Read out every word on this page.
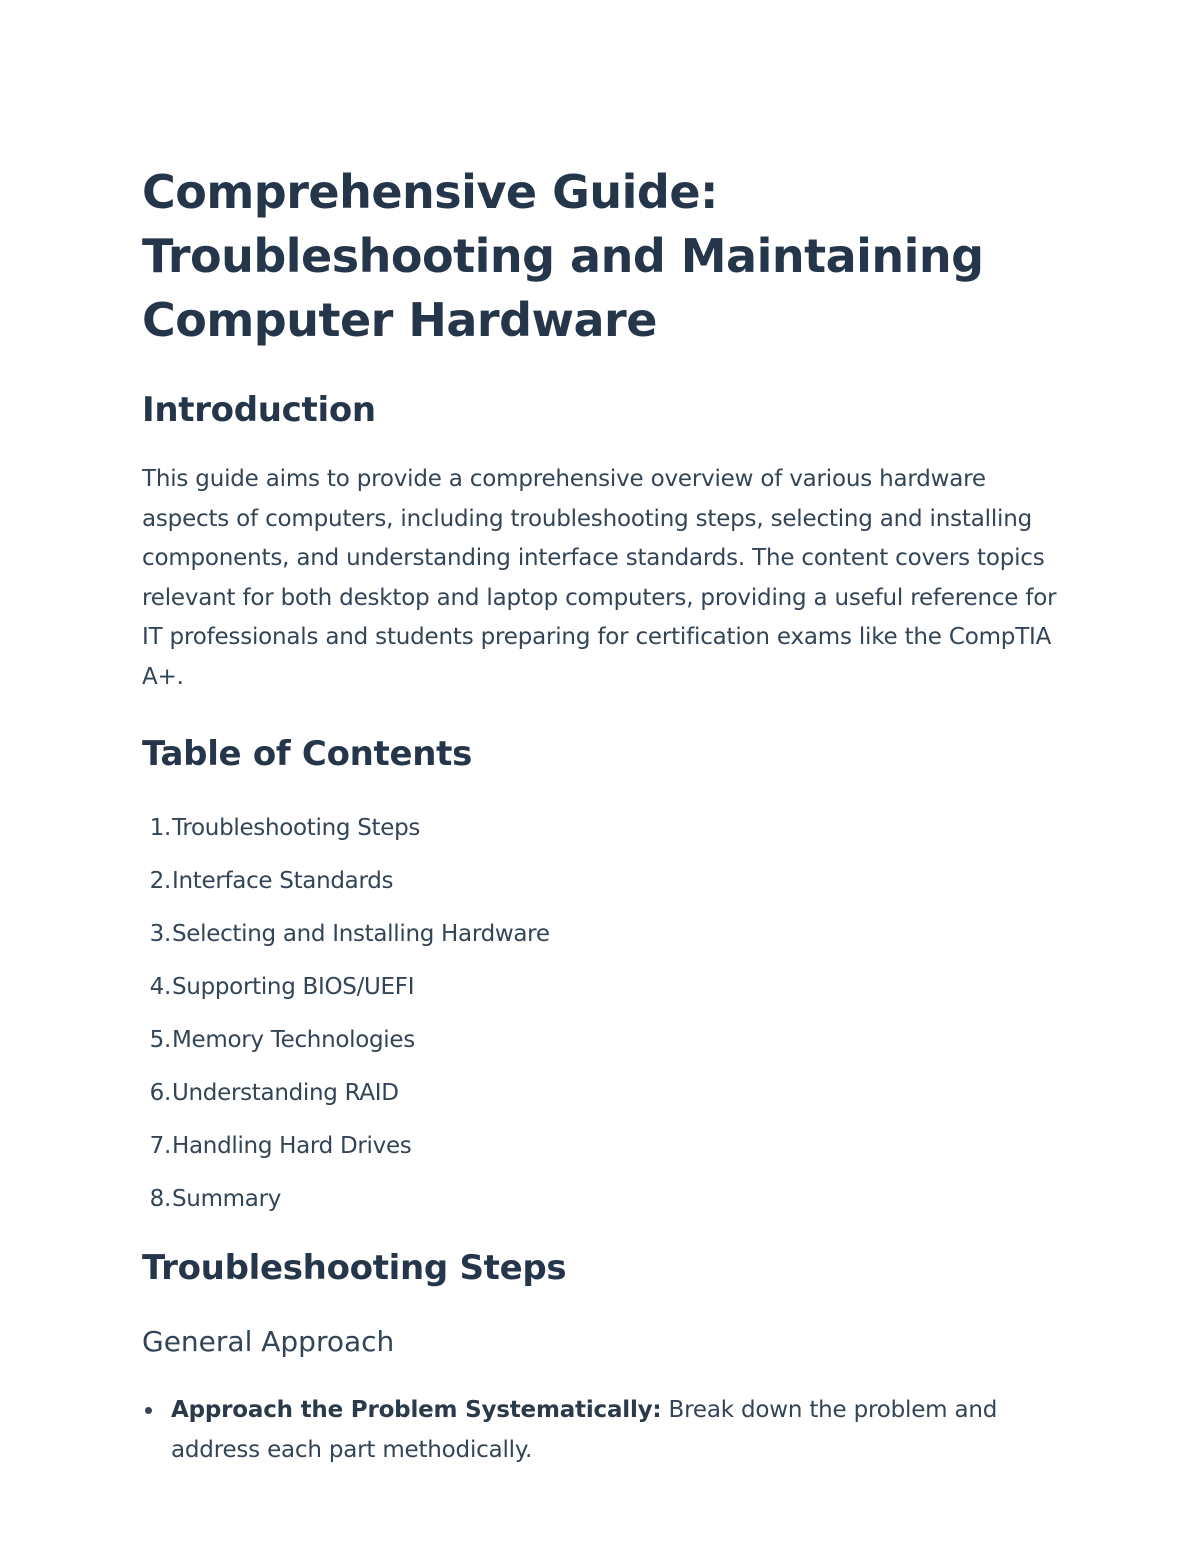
Comprehensive Guide: Troubleshooting and Maintaining Computer Hardware
Introduction

This guide aims to provide a comprehensive overview of various hardware aspects of computers, including troubleshooting steps, selecting and installing components, and understanding interface standards. The content covers topics relevant for both desktop and laptop computers, providing a useful reference for IT professionals and students preparing for certification exams like the CompTIA A+.

Table of Contents
1. Troubleshooting Steps
2. Interface Standards
3. Selecting and Installing Hardware
4. Supporting BIOS/UEFI
5. Memory Technologies
6. Understanding RAID
7. Handling Hard Drives
8. Summary
Troubleshooting Steps
General Approach
Approach the Problem Systematically: Break down the problem and address each part methodically.
